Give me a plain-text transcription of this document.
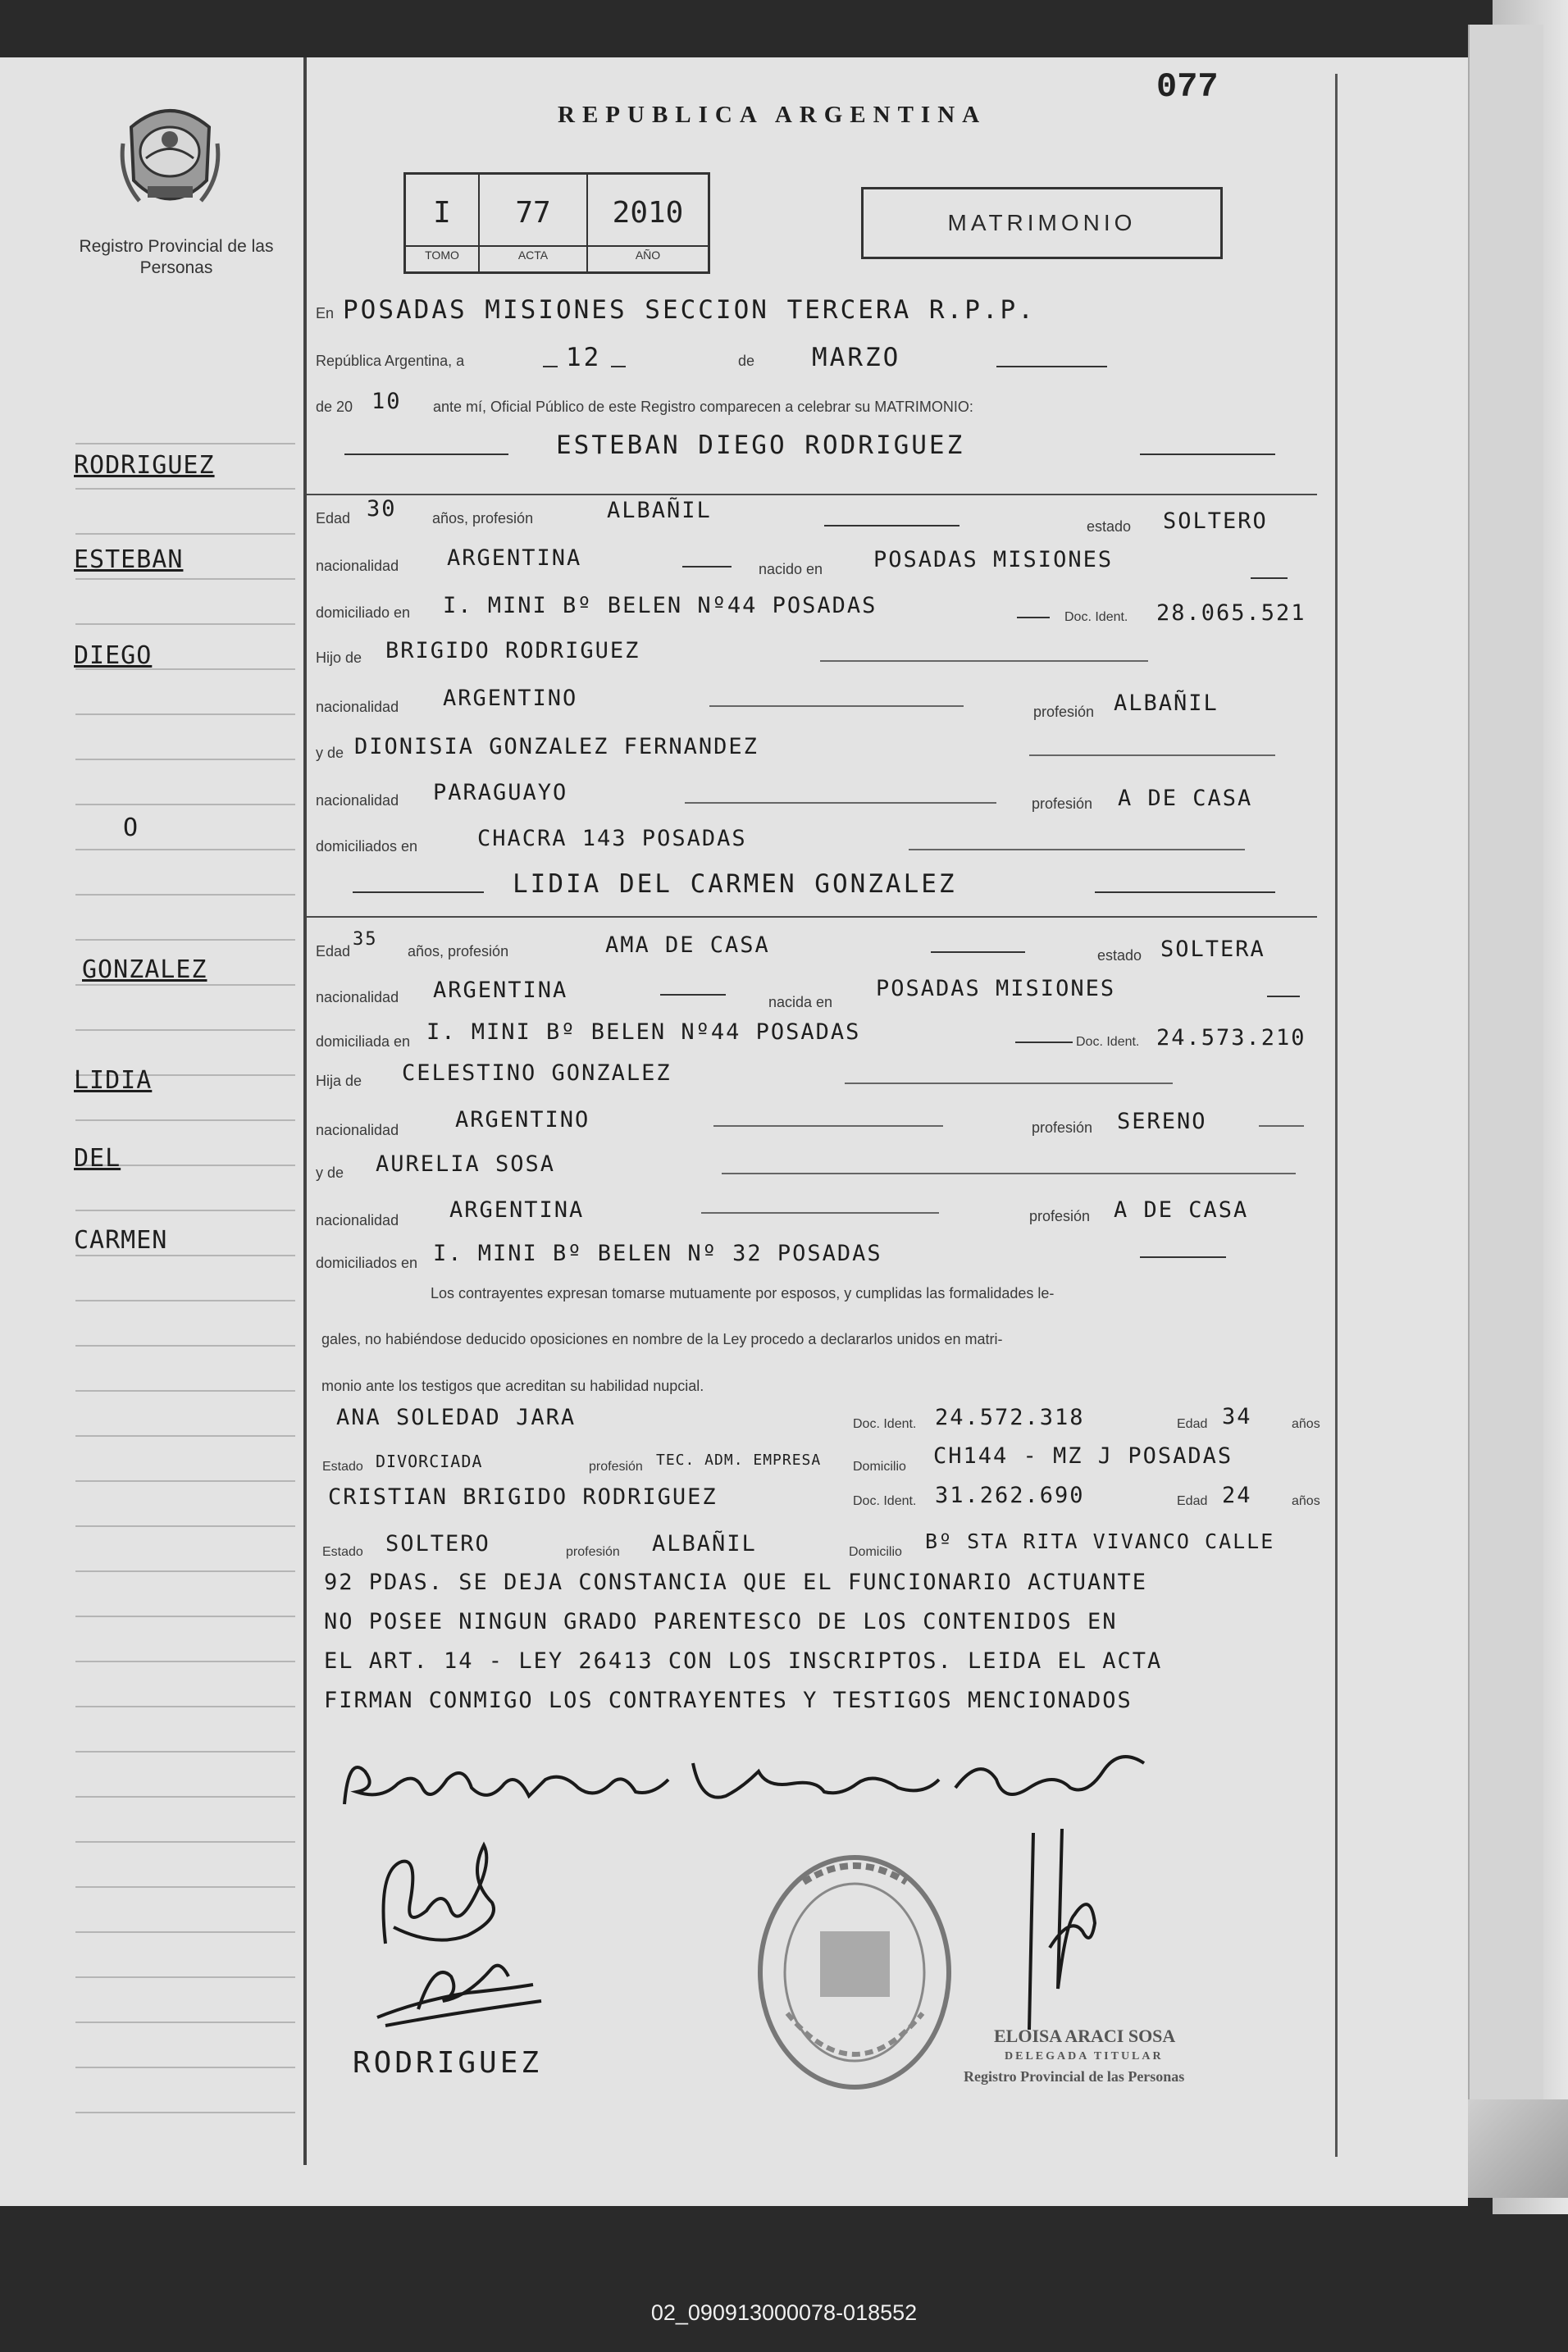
Registro Provincial de las Personas
REPUBLICA ARGENTINA
077
I
TOMO
77
ACTA
2010
AÑO
MATRIMONIO
En POSADAS MISIONES SECCION TERCERA R.P.P.
República Argentina, a	12	de MARZO
de 20 10 ante mí, Oficial Público de este Registro comparecen a celebrar su MATRIMONIO:
ESTEBAN DIEGO RODRIGUEZ
Edad 30 años, profesión	ALBAÑIL
estado SOLTERO
nacionalidad ARGENTINA	nacido en POSADAS MISIONES
domiciliado en I. MINI Bº BELEN Nº44 POSADAS	Doc. Ident. 28.065.521
Hijo de BRIGIDO RODRIGUEZ
nacionalidad ARGENTINO
profesión ALBAÑIL
y de DIONISIA GONZALEZ FERNANDEZ
nacionalidad PARAGUAYO	profesión A DE CASA
domiciliados en	CHACRA 143 POSADAS
LIDIA DEL CARMEN GONZALEZ
Edad
35
años, profesión	AMA DE CASA	estado SOLTERA
nacionalidad ARGENTINA	nacida en
POSADAS MISIONES
domiciliada en I. MINI Bº BELEN Nº44 POSADAS	Doc. Ident. 24.573.210
Hija de CELESTINO GONZALEZ
nacionalidad	ARGENTINO	profesión SERENO
y de AURELIA SOSA
nacionalidad ARGENTINA	profesión A DE CASA
domiciliados en I. MINI Bº BELEN Nº 32 POSADAS
Los contrayentes expresan tomarse mutuamente por esposos, y cumplidas las formalidades le-
gales, no habiéndose deducido oposiciones en nombre de la Ley procedo a declararlos unidos en matri-
monio ante los testigos que acreditan su habilidad nupcial.
ANA SOLEDAD JARA	Doc. Ident. 24.572.318	Edad 34	años
Estado DIVORCIADA	profesión TEC. ADM. EMPRESA Domicilio CH144 - MZ J POSADAS
CRISTIAN BRIGIDO RODRIGUEZ	Doc. Ident. 31.262.690	Edad 24	años
Estado SOLTERO	profesión ALBAÑIL	Domicilio Bº STA RITA VIVANCO CALLE
92 PDAS. SE DEJA CONSTANCIA QUE EL FUNCIONARIO ACTUANTE
NO POSEE NINGUN GRADO PARENTESCO DE LOS CONTENIDOS EN
EL ART. 14 - LEY 26413 CON LOS INSCRIPTOS. LEIDA EL ACTA
FIRMAN CONMIGO LOS CONTRAYENTES Y TESTIGOS MENCIONADOS
RODRIGUEZ
ELOISA ARACI SOSA
DELEGADA TITULAR
Registro Provincial de las Personas
RODRIGUEZ
ESTEBAN
DIEGO
O
GONZALEZ
LIDIA
DEL
CARMEN
02_090913000078-018552
